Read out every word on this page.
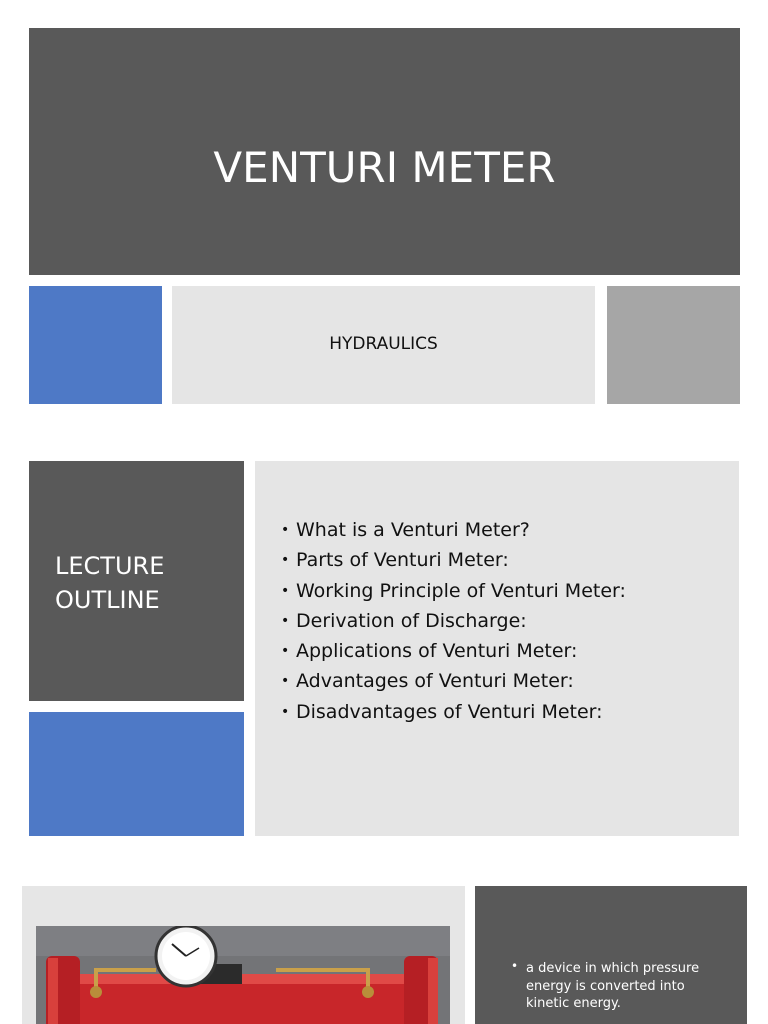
VENTURI METER
HYDRAULICS
LECTURE
OUTLINE
• What is a Venturi Meter?
• Parts of Venturi Meter:
• Working Principle of Venturi Meter:
• Derivation of Discharge:
• Applications of Venturi Meter:
• Advantages of Venturi Meter:
• Disadvantages of Venturi Meter:
• a device in which pressure energy is converted into kinetic energy.
